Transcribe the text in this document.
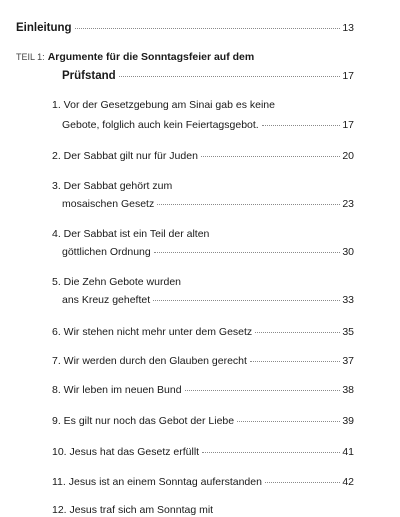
Einleitung	13
TEIL 1: Argumente für die Sonntagsfeier auf dem
Prüfstand	17
1. Vor der Gesetzgebung am Sinai gab es keine
Gebote, folglich auch kein Feiertagsgebot.	17
2. Der Sabbat gilt nur für Juden	20
3. Der Sabbat gehört zum
mosaischen Gesetz	23
4. Der Sabbat ist ein Teil der alten
göttlichen Ordnung	30
5. Die Zehn Gebote wurden
ans Kreuz geheftet	33
6. Wir stehen nicht mehr unter dem Gesetz	35
7. Wir werden durch den Glauben gerecht	37
8. Wir leben im neuen Bund	38
9. Es gilt nur noch das Gebot der Liebe	39
10. Jesus hat das Gesetz erfüllt	41
11. Jesus ist an einem Sonntag auferstanden	42
12. Jesus traf sich am Sonntag mit
